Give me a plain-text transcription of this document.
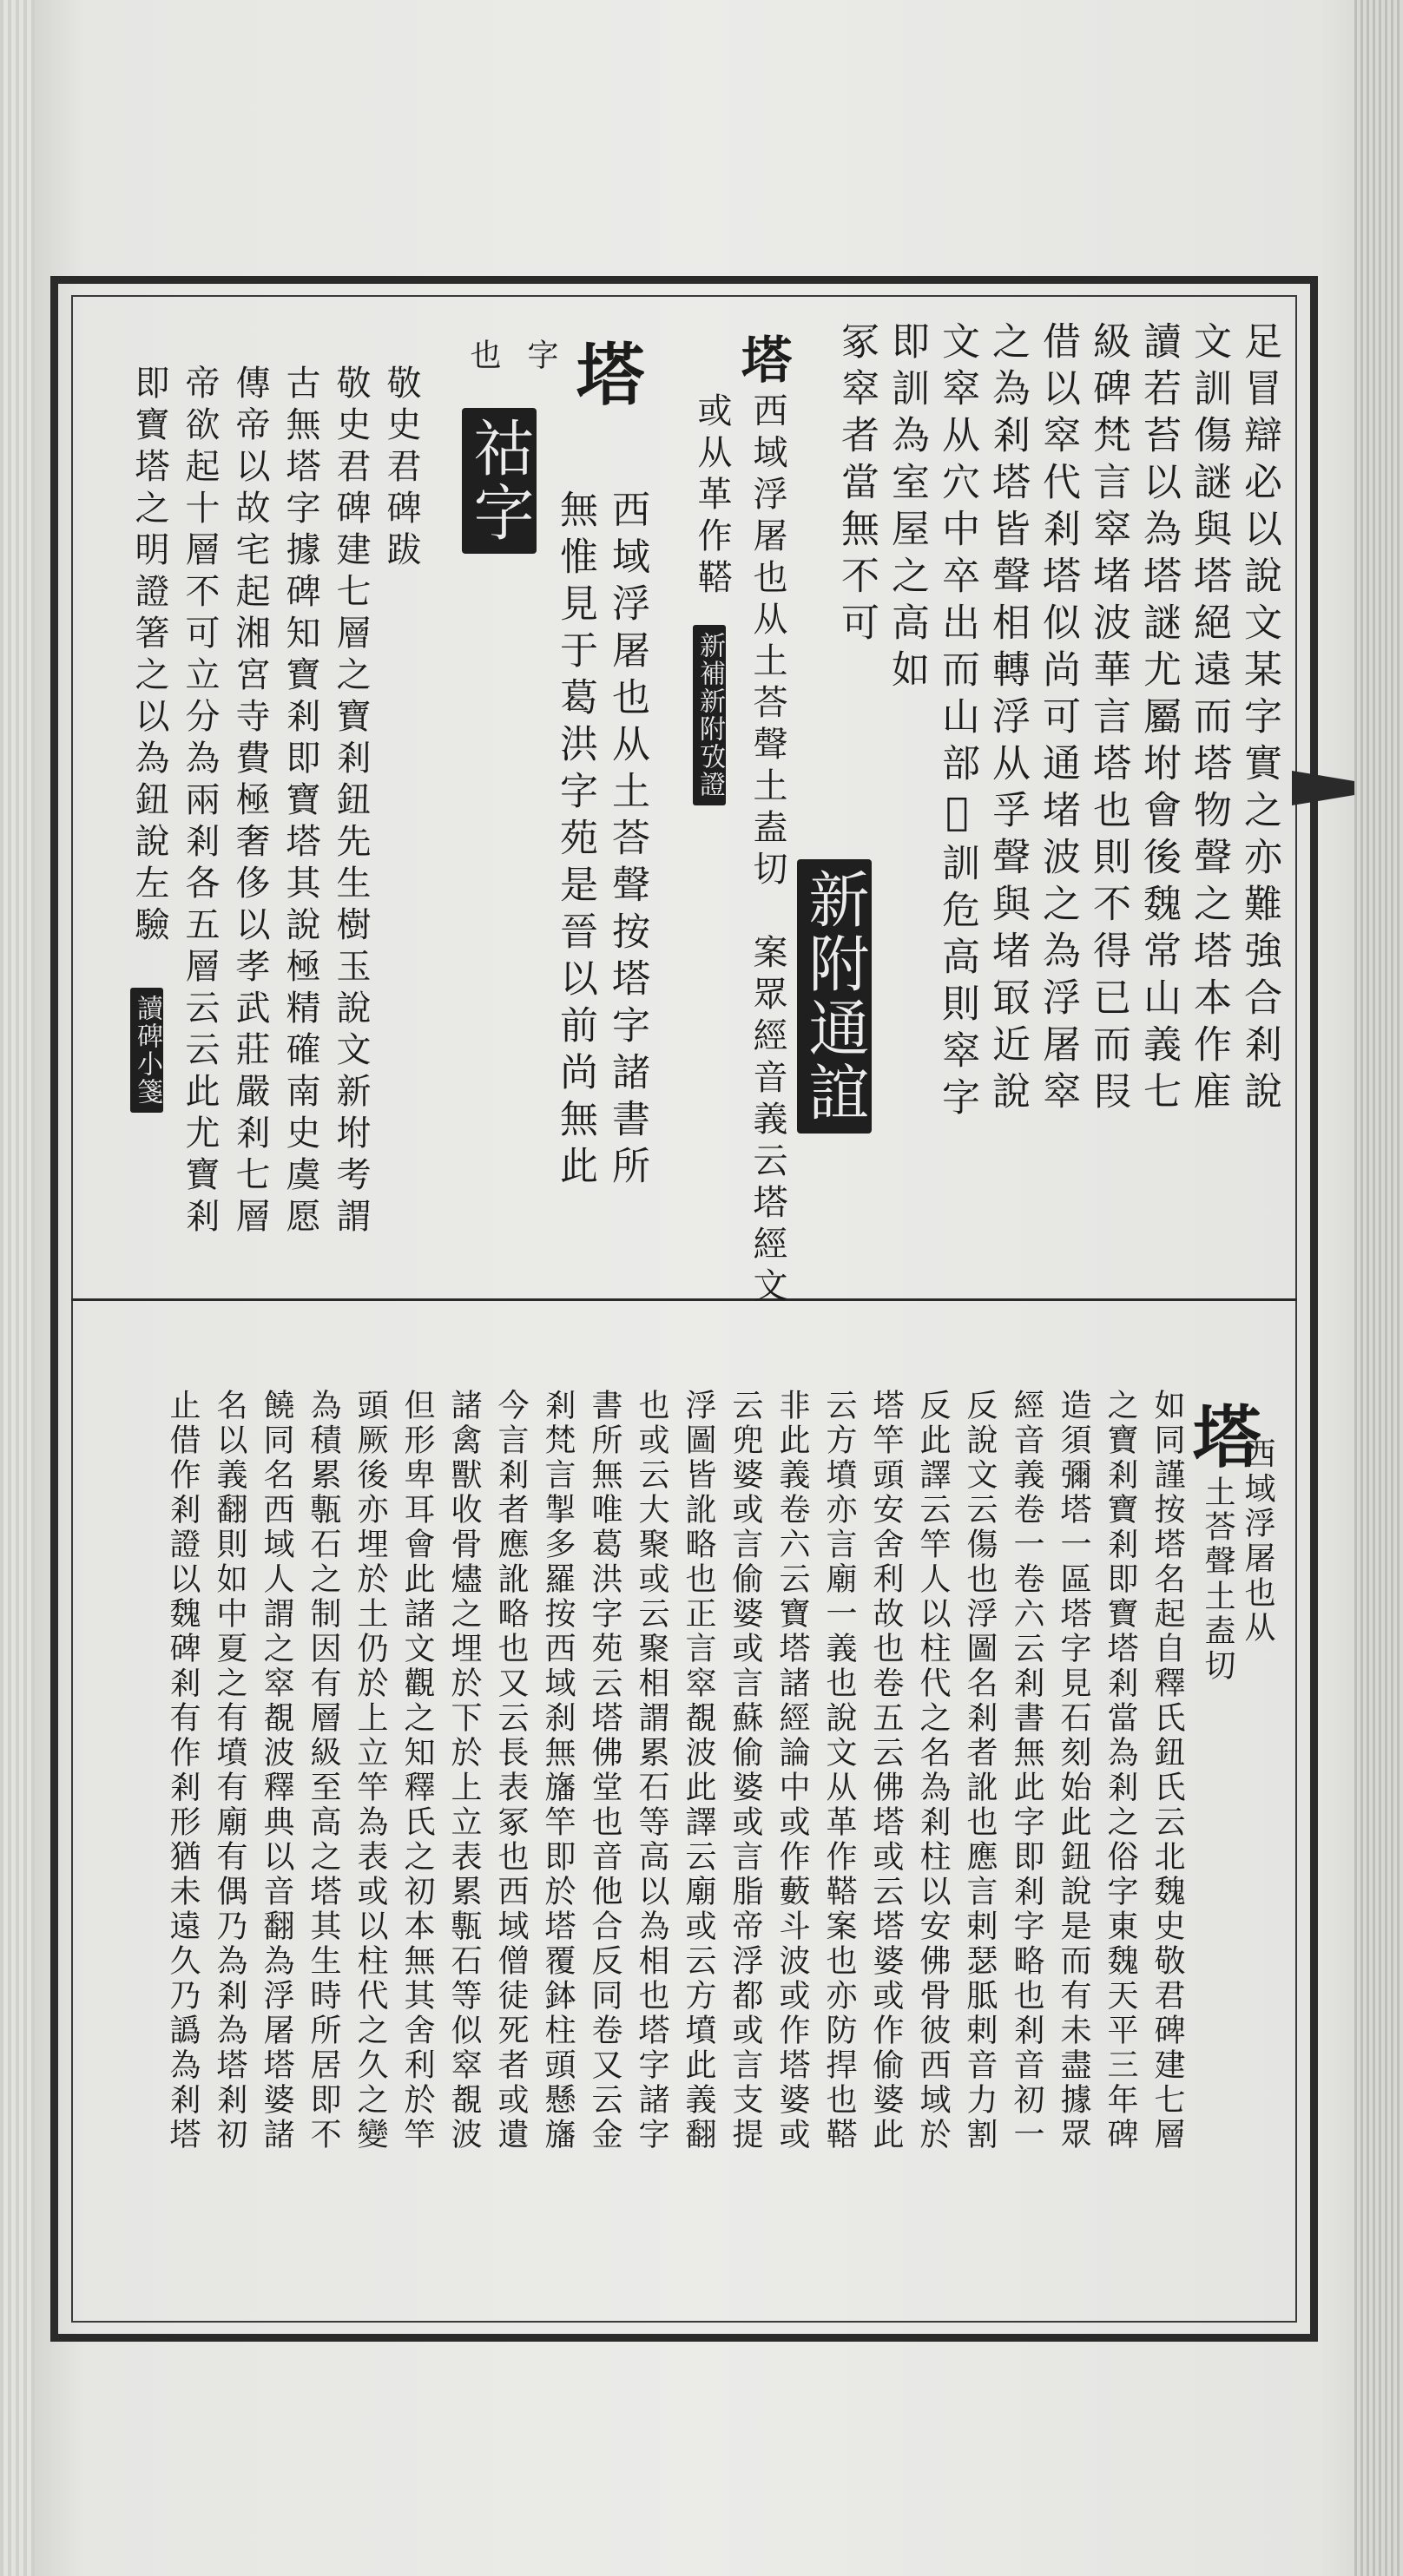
足冒辯必以說文某字實之亦難強合剎說
文訓傷謎與塔絕遠而塔物聲之塔本作㢈
讀若苔以為塔謎尤屬坿會後魏常山義七
級碑梵言窣堵波華言塔也則不得已而叚
借以窣代剎塔似尚可通堵波之為浮屠窣
之為剎塔皆聲相轉浮从孚聲與堵冣近說
文窣从穴中卒出而山部𡽫訓危高則窣字
即訓為室屋之高如
冢窣者當無不可
新附通誼
塔
西域浮屠也从土荅聲土盍切　案眾經音義云塔經文
或从革作鞳
新補新附攷證
塔
西域浮屠也从土荅聲按塔字諸書所
無惟見于葛洪字苑是晉以前尚無此
字
也
祜字
敬史君碑跋
敬史君碑建七層之寶剎鈕先生樹玉說文新坿考謂
古無塔字據碑知寶剎即寶塔其說極精確南史虞愿
傳帝以故宅起湘宮寺費極奢侈以孝武莊嚴剎七層
帝欲起十層不可立分為兩剎各五層云云此尤寶剎
即寶塔之明證箸之以為鈕說左驗
讀碑小箋
塔
西域浮屠也从
土荅聲土盍切
如同謹按塔名起自釋氏鈕氏云北魏史敬君碑建七層
之寶剎寶剎即寶塔剎當為剎之俗字東魏天平三年碑
造須彌塔一區塔字見石刻始此鈕說是而有未盡據眾
經音義卷一卷六云剎書無此字即剎字略也剎音初一
反說文云傷也浮圖名剎者訛也應言剌瑟胝剌音力割
反此譯云竿人以柱代之名為剎柱以安佛骨彼西域於
塔竿頭安舍利故也卷五云佛塔或云塔婆或作偷婆此
云方墳亦言廟一義也說文从革作鞳案也亦防捍也鞳
非此義卷六云寶塔諸經論中或作藪斗波或作塔婆或
云兜婆或言偷婆或言蘇偷婆或言脂帝浮都或言支提
浮圖皆訛略也正言窣覩波此譯云廟或云方墳此義翻
也或云大聚或云聚相謂累石等高以為相也塔字諸字
書所無唯葛洪字苑云塔佛堂也音他合反同卷又云金
剎梵言掣多羅按西域刹無旛竿即於塔覆鉢柱頭懸旛
今言剎者應訛略也又云長表冢也西域僧徒死者或遺
諸禽獸收骨燼之埋於下於上立表累甎石等似窣覩波
但形卑耳會此諸文觀之知釋氏之初本無其舍利於竿
頭厥後亦埋於土仍於上立竿為表或以柱代之久之變
為積累甎石之制因有層級至高之塔其生時所居即不
饒同名西域人謂之窣覩波釋典以音翻為浮屠塔婆諸
名以義翻則如中夏之有墳有廟有偶乃為剎為塔剎初
止借作剎證以魏碑剎有作剎形猶未遠久乃譌為剎塔
